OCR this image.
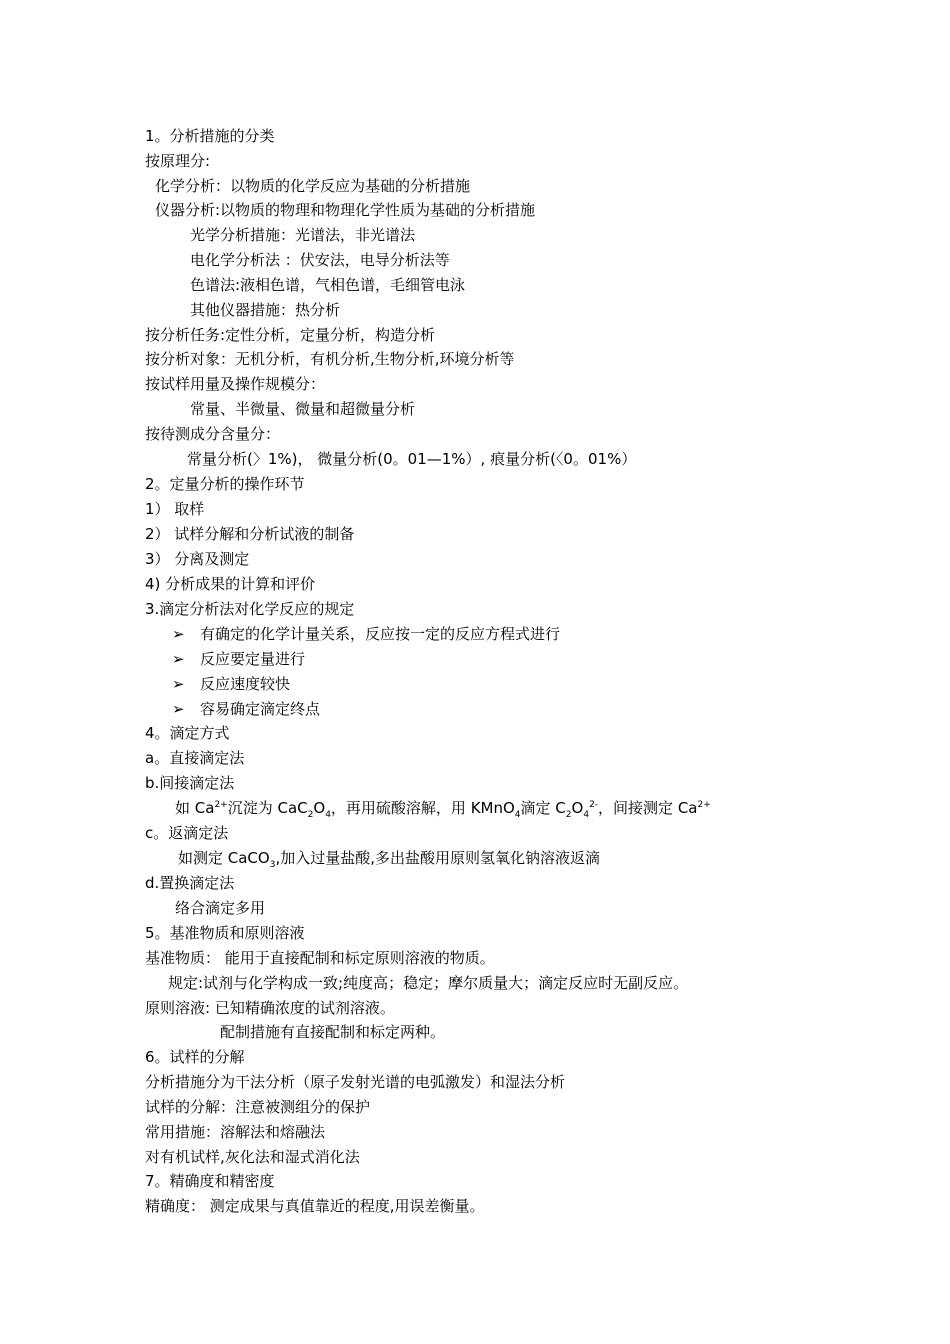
1。分析措施的分类
按原理分:
化学分析：以物质的化学反应为基础的分析措施
仪器分析:以物质的物理和物理化学性质为基础的分析措施
光学分析措施：光谱法，非光谱法
电化学分析法 ：伏安法，电导分析法等
色谱法:液相色谱，气相色谱，毛细管电泳
其他仪器措施：热分析
按分析任务:定性分析，定量分析，构造分析
按分析对象：无机分析，有机分析,生物分析,环境分析等
按试样用量及操作规模分：
常量、半微量、微量和超微量分析
按待测成分含量分：
常量分析(〉1%)， 微量分析(0。01—1%）, 痕量分析(〈0。01%）
2。定量分析的操作环节
1） 取样
2） 试样分解和分析试液的制备
3） 分离及测定
4) 分析成果的计算和评价
3.滴定分析法对化学反应的规定
➢ 有确定的化学计量关系，反应按一定的反应方程式进行
➢ 反应要定量进行
➢ 反应速度较快
➢ 容易确定滴定终点
4。滴定方式
a。直接滴定法
b.间接滴定法
如 $Ca^{2+}$沉淀为 $CaC_2O_4$，再用硫酸溶解，用 KMnO$_4$滴定 $C_2O_4^{2-}$，间接测定 $Ca^{2+}$
c。返滴定法
如测定 CaCO$_3$,加入过量盐酸,多出盐酸用原则氢氧化钠溶液返滴
d.置换滴定法
络合滴定多用
5。基准物质和原则溶液
基准物质： 能用于直接配制和标定原则溶液的物质。
规定:试剂与化学构成一致;纯度高；稳定；摩尔质量大；滴定反应时无副反应。
原则溶液: 已知精确浓度的试剂溶液。
配制措施有直接配制和标定两种。
6。试样的分解
分析措施分为干法分析（原子发射光谱的电弧激发）和湿法分析
试样的分解：注意被测组分的保护
常用措施：溶解法和熔融法
对有机试样,灰化法和湿式消化法
7。精确度和精密度
精确度： 测定成果与真值靠近的程度,用误差衡量。
